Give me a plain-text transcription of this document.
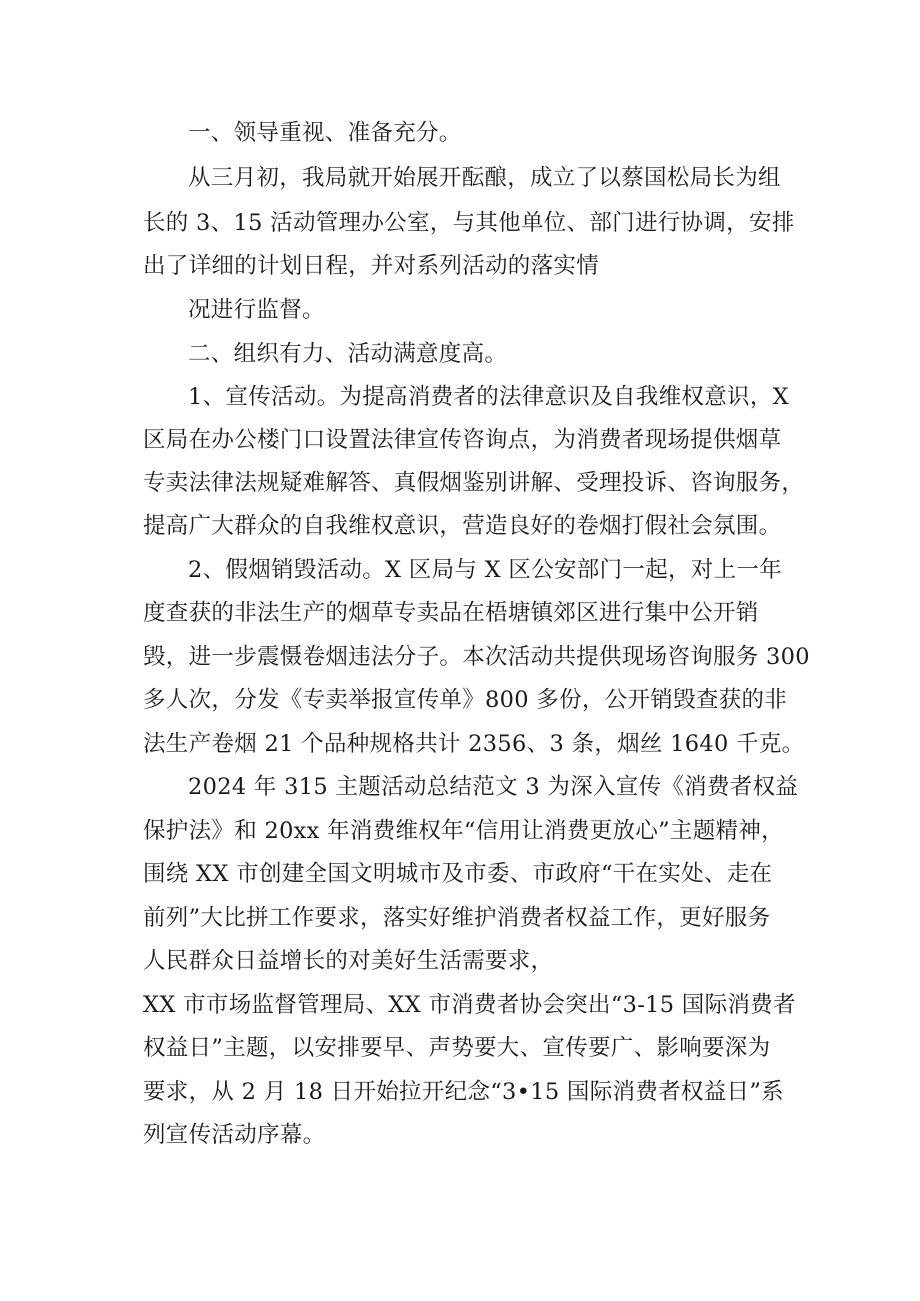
一、领导重视、准备充分。
从三月初，我局就开始展开酝酿，成立了以蔡国松局长为组
长的 3、15 活动管理办公室，与其他单位、部门进行协调，安排
出了详细的计划日程，并对系列活动的落实情
况进行监督。
二、组织有力、活动满意度高。
1、宣传活动。为提高消费者的法律意识及自我维权意识，X
区局在办公楼门口设置法律宣传咨询点，为消费者现场提供烟草
专卖法律法规疑难解答、真假烟鉴别讲解、受理投诉、咨询服务，
提高广大群众的自我维权意识，营造良好的卷烟打假社会氛围。
2、假烟销毁活动。X 区局与 X 区公安部门一起，对上一年
度查获的非法生产的烟草专卖品在梧塘镇郊区进行集中公开销
毁，进一步震慑卷烟违法分子。本次活动共提供现场咨询服务 300
多人次，分发《专卖举报宣传单》800 多份，公开销毁查获的非
法生产卷烟 21 个品种规格共计 2356、3 条，烟丝 1640 千克。
2024 年 315 主题活动总结范文 3 为深入宣传《消费者权益
保护法》和 20xx 年消费维权年“信用让消费更放心”主题精神，
围绕 XX 市创建全国文明城市及市委、市政府“干在实处、走在
前列”大比拼工作要求，落实好维护消费者权益工作，更好服务
人民群众日益增长的对美好生活需要求，
XX 市市场监督管理局、XX 市消费者协会突出“3-15 国际消费者
权益日”主题，以安排要早、声势要大、宣传要广、影响要深为
要求，从 2 月 18 日开始拉开纪念“3•15 国际消费者权益日”系
列宣传活动序幕。
